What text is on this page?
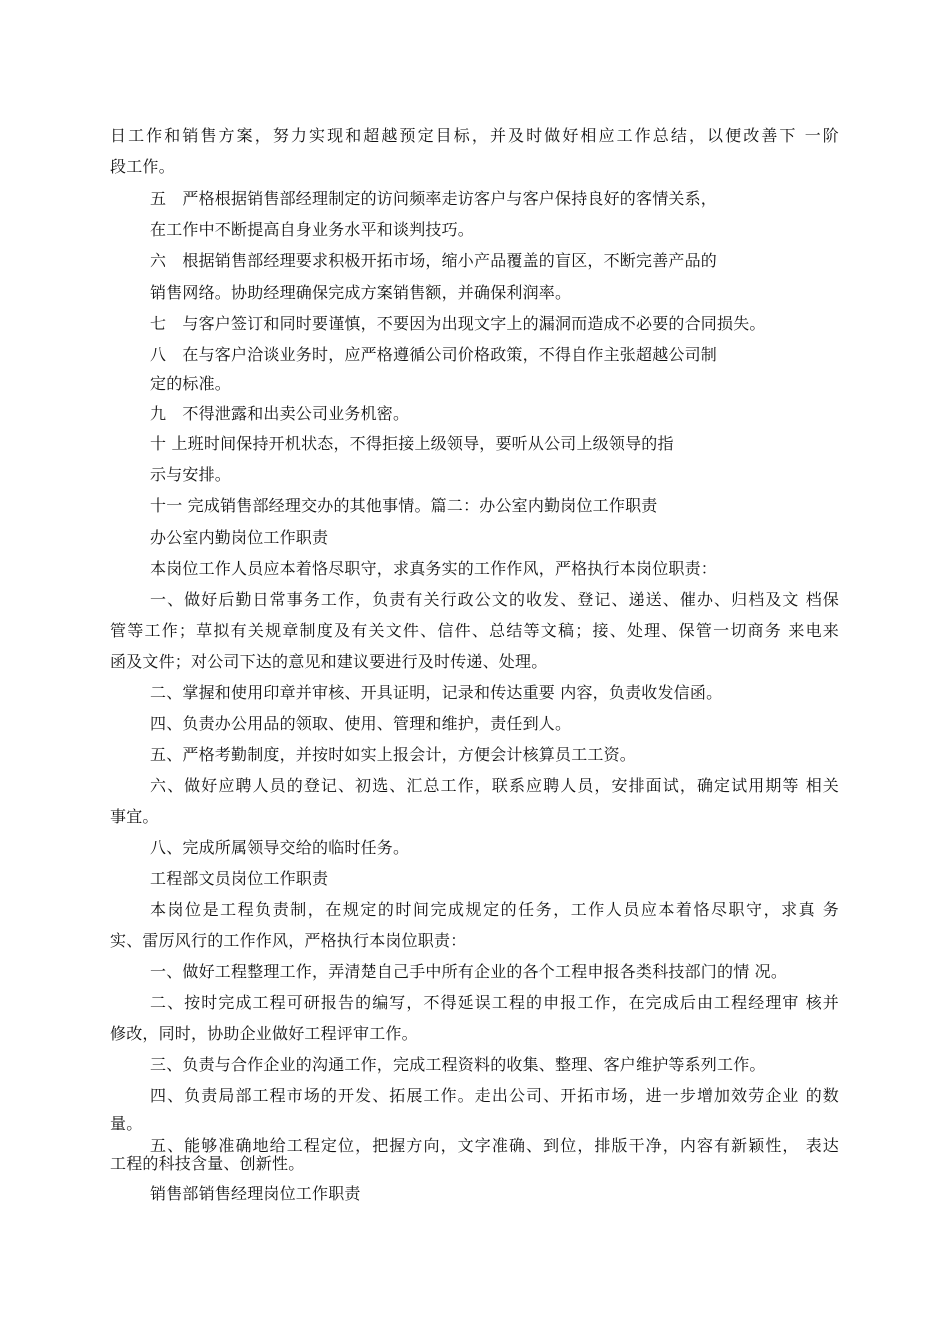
日工作和销售方案，努力实现和超越预定目标，并及时做好相应工作总结，以便改善下 一阶

段工作。

五　严格根据销售部经理制定的访问频率走访客户与客户保持良好的客情关系，

在工作中不断提高自身业务水平和谈判技巧。

六　根据销售部经理要求积极开拓市场，缩小产品覆盖的盲区，不断完善产品的

销售网络。协助经理确保完成方案销售额，并确保利润率。

七　与客户签订和同时要谨慎，不要因为出现文字上的漏洞而造成不必要的合同损失。

八　在与客户洽谈业务时，应严格遵循公司价格政策，不得自作主张超越公司制

定的标准。

九　不得泄露和出卖公司业务机密。

十 上班时间保持开机状态，不得拒接上级领导，要听从公司上级领导的指

示与安排。

十一 完成销售部经理交办的其他事情。篇二：办公室内勤岗位工作职责

办公室内勤岗位工作职责

本岗位工作人员应本着恪尽职守，求真务实的工作作风，严格执行本岗位职责：

一、做好后勤日常事务工作，负责有关行政公文的收发、登记、递送、催办、归档及文 档保

管等工作；草拟有关规章制度及有关文件、信件、总结等文稿；接、处理、保管一切商务 来电来

函及文件；对公司下达的意见和建议要进行及时传递、处理。

二、掌握和使用印章并审核、开具证明，记录和传达重要 内容，负责收发信函。

四、负责办公用品的领取、使用、管理和维护，责任到人。

五、严格考勤制度，并按时如实上报会计，方便会计核算员工工资。

六、做好应聘人员的登记、初选、汇总工作，联系应聘人员，安排面试，确定试用期等 相关

事宜。

八、完成所属领导交给的临时任务。

工程部文员岗位工作职责

本岗位是工程负责制，在规定的时间完成规定的任务，工作人员应本着恪尽职守，求真 务

实、雷厉风行的工作作风，严格执行本岗位职责：

一、做好工程整理工作，弄清楚自己手中所有企业的各个工程申报各类科技部门的情 况。

二、按时完成工程可研报告的编写，不得延误工程的申报工作，在完成后由工程经理审 核并

修改，同时，协助企业做好工程评审工作。

三、负责与合作企业的沟通工作，完成工程资料的收集、整理、客户维护等系列工作。

四、负责局部工程市场的开发、拓展工作。走出公司、开拓市场，进一步增加效劳企业 的数

量。

五、能够准确地给工程定位，把握方向，文字准确、到位，排版干净，内容有新颖性， 表达

工程的科技含量、创新性。

销售部销售经理岗位工作职责
